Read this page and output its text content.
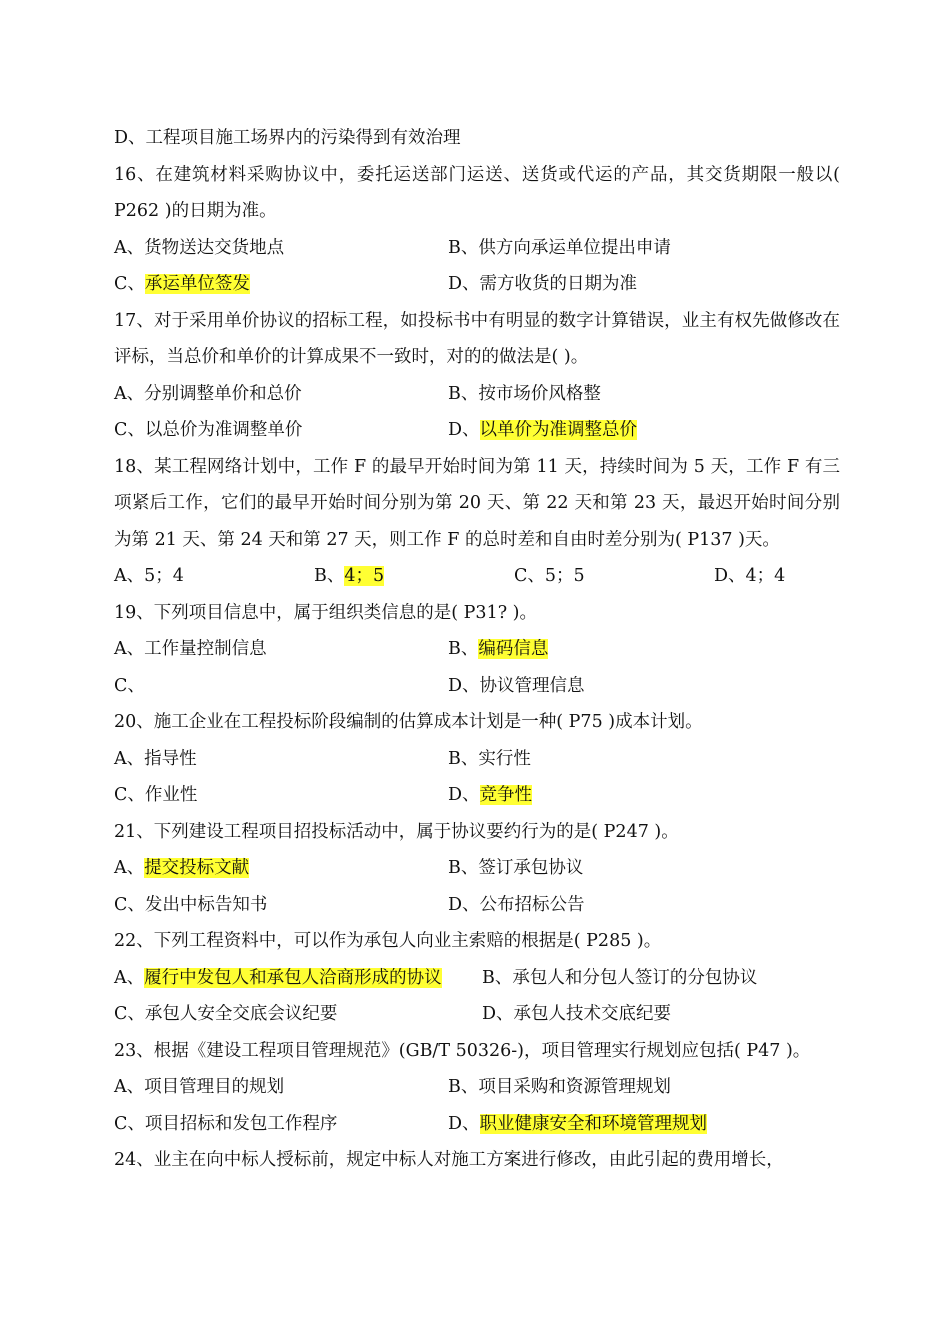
D、工程项目施工场界内的污染得到有效治理
16、在建筑材料采购协议中，委托运送部门运送、送货或代运的产品，其交货期限一般以( P262 )的日期为准。
A、货物送达交货地点	B、供方向承运单位提出申请
C、承运单位签发	D、需方收货的日期为准
17、对于采用单价协议的招标工程，如投标书中有明显的数字计算错误，业主有权先做修改在评标，当总价和单价的计算成果不一致时，对的的做法是( )。
A、分别调整单价和总价	B、按市场价风格整
C、以总价为准调整单价	D、以单价为准调整总价
18、某工程网络计划中，工作 F 的最早开始时间为第 11 天，持续时间为 5 天，工作 F 有三项紧后工作，它们的最早开始时间分别为第 20 天、第 22 天和第 23 天，最迟开始时间分别为第 21 天、第 24 天和第 27 天，则工作 F 的总时差和自由时差分别为( P137 )天。
A、5；4	B、4；5	C、5；5	D、4；4
19、下列项目信息中，属于组织类信息的是( P31? )。
A、工作量控制信息	B、编码信息
C、	D、协议管理信息
20、施工企业在工程投标阶段编制的估算成本计划是一种( P75 )成本计划。
A、指导性	B、实行性
C、作业性	D、竞争性
21、下列建设工程项目招投标活动中，属于协议要约行为的是( P247 )。
A、提交投标文献	B、签订承包协议
C、发出中标告知书	D、公布招标公告
22、下列工程资料中，可以作为承包人向业主索赔的根据是( P285 )。
A、履行中发包人和承包人洽商形成的协议 B、承包人和分包人签订的分包协议
C、承包人安全交底会议纪要	D、承包人技术交底纪要
23、根据《建设工程项目管理规范》(GB/T 50326-)，项目管理实行规划应包括( P47 )。
A、项目管理目的规划	B、项目采购和资源管理规划
C、项目招标和发包工作程序	D、职业健康安全和环境管理规划
24、业主在向中标人授标前，规定中标人对施工方案进行修改，由此引起的费用增长，
